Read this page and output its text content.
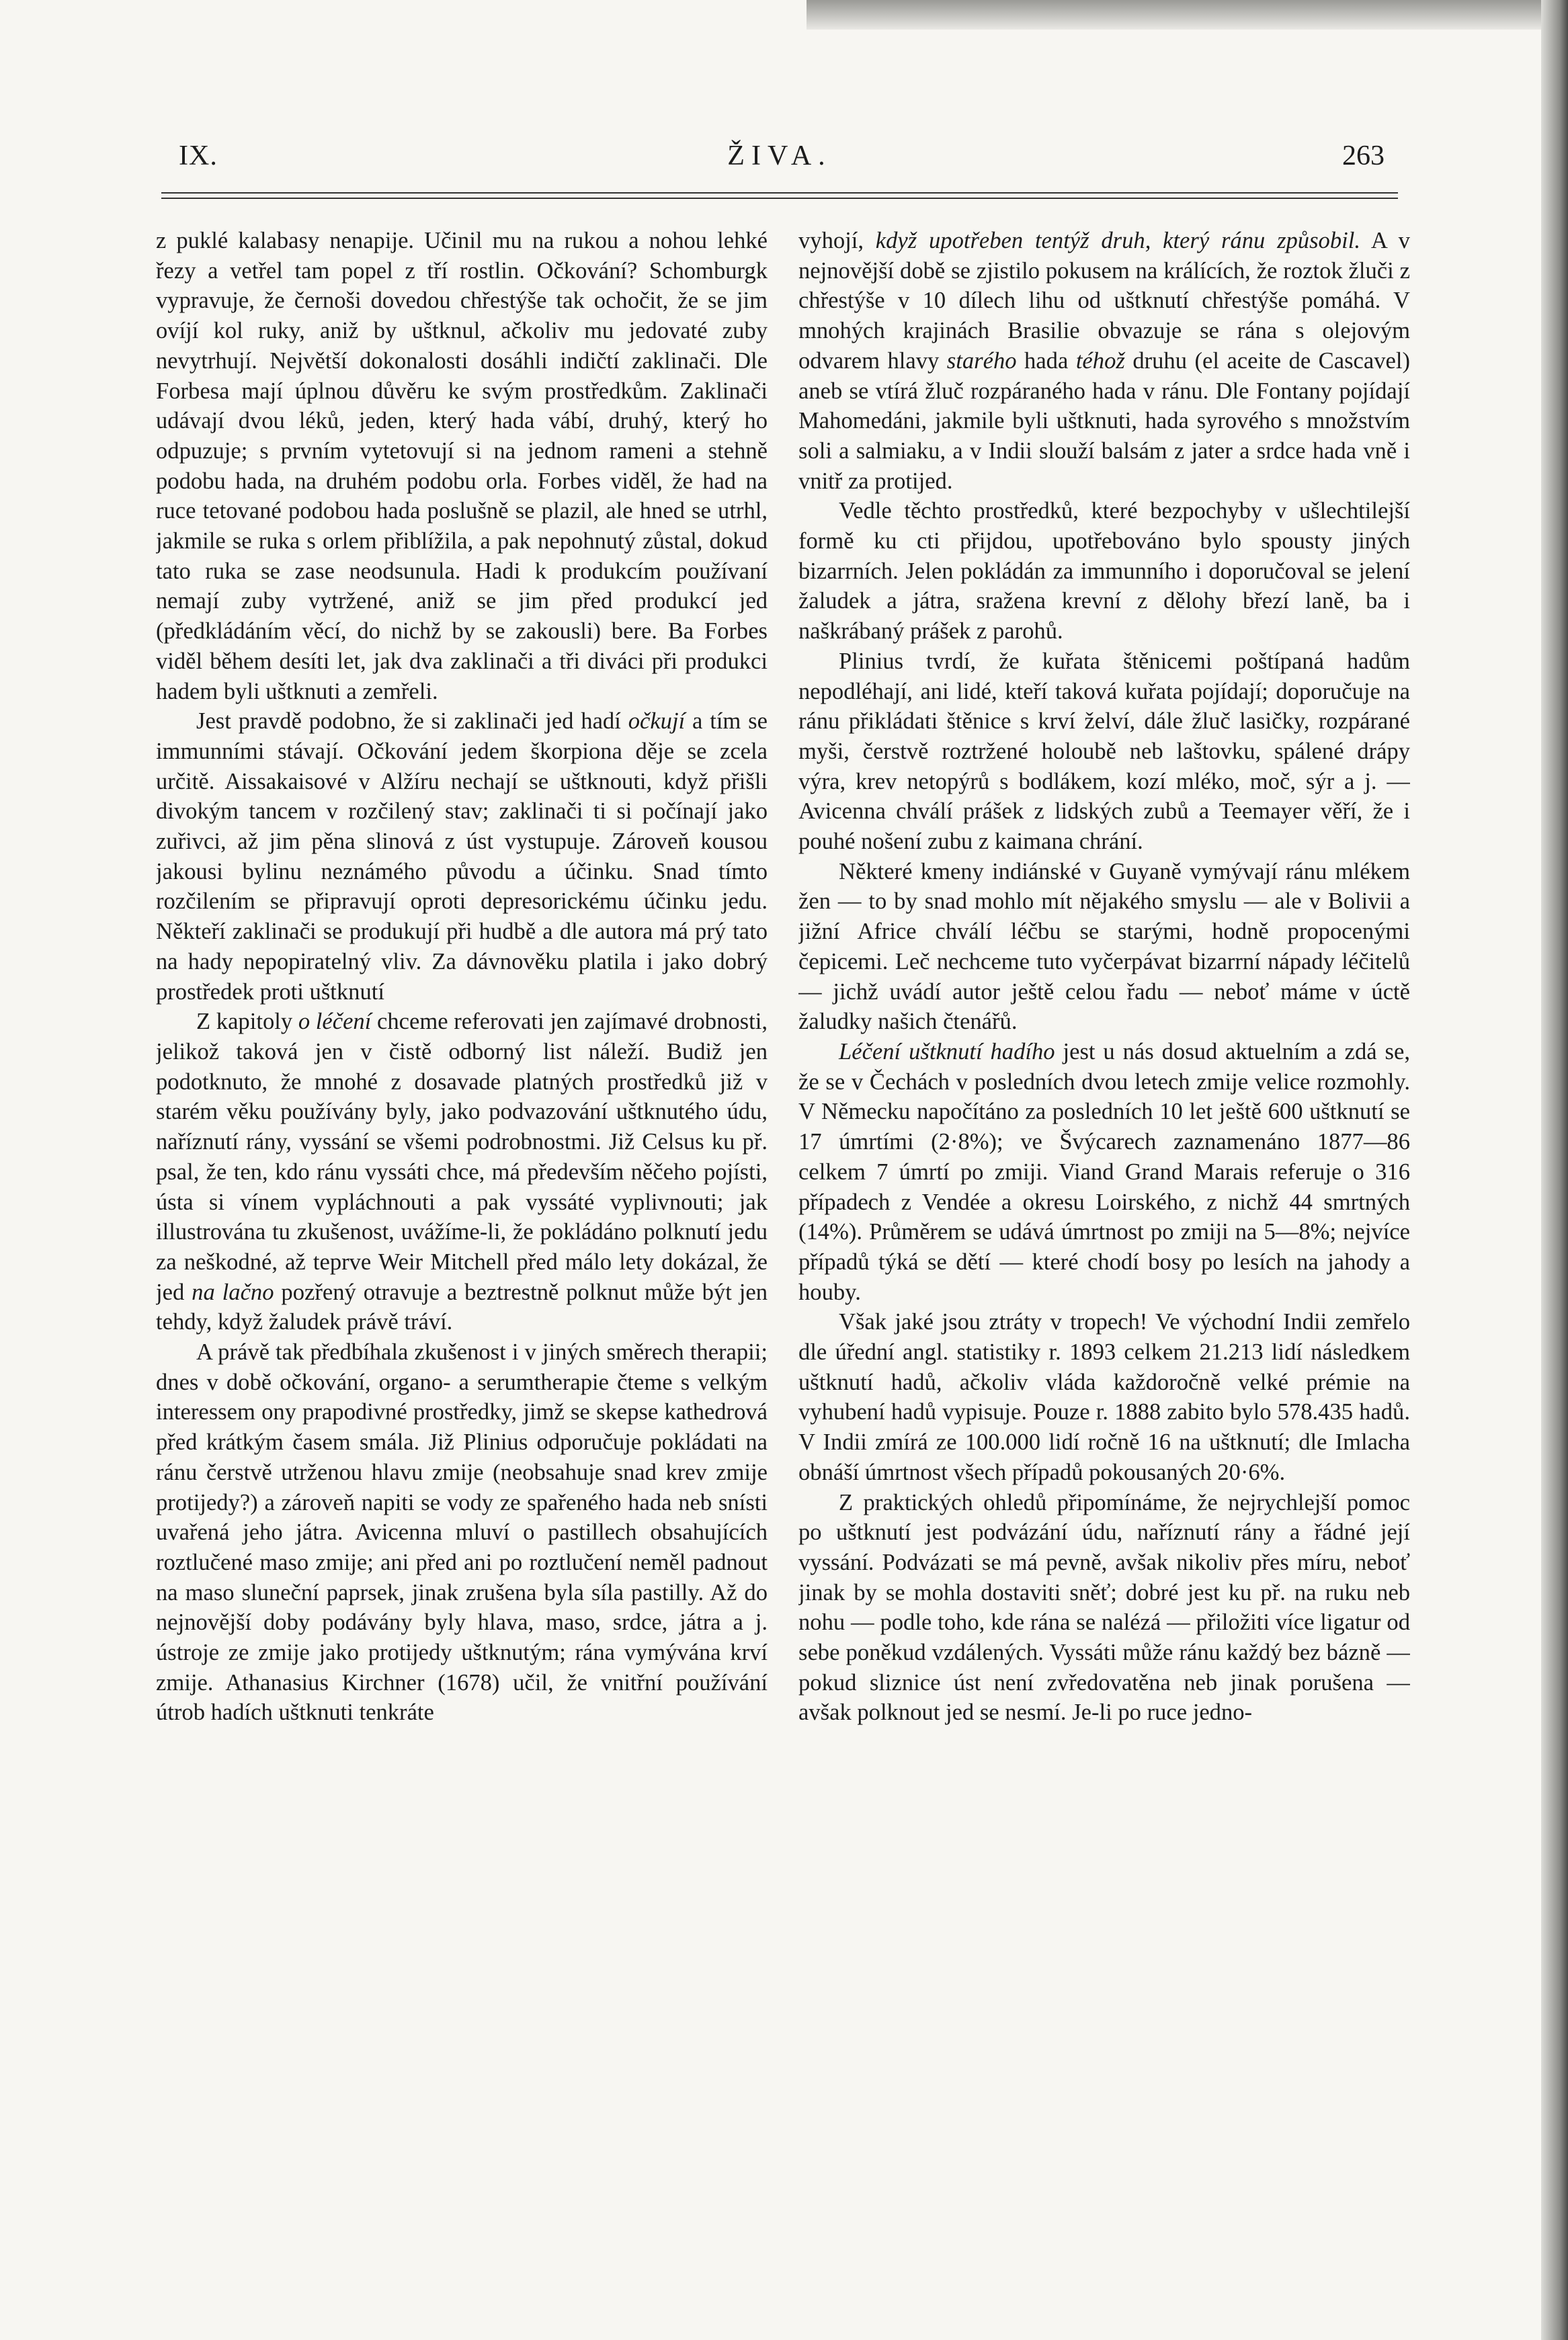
IX.	ŽIVA.	263

z puklé kalabasy nenapije. Učinil mu na rukou a nohou lehké řezy a vetřel tam popel z tří rostlin. Očkování? Schomburgk vypravuje, že černoši dovedou chřestýše tak ochočit, že se jim ovíjí kol ruky, aniž by uštknul, ačkoliv mu jedovaté zuby nevytrhují. Největší dokonalosti dosáhli indičtí zaklinači. Dle Forbesa mají úplnou důvěru ke svým prostředkům. Zaklinači udávají dvou léků, jeden, který hada vábí, druhý, který ho odpuzuje; s prvním vytetovují si na jednom rameni a stehně podobu hada, na druhém podobu orla. Forbes viděl, že had na ruce tetované podobou hada poslušně se plazil, ale hned se utrhl, jakmile se ruka s orlem přiblížila, a pak nepohnutý zůstal, dokud tato ruka se zase neodsunula. Hadi k produkcím používaní nemají zuby vytržené, aniž se jim před produkcí jed (předkládáním věcí, do nichž by se zakousli) bere. Ba Forbes viděl během desíti let, jak dva zaklinači a tři diváci při produkci hadem byli uštknuti a zemřeli.

Jest pravdě podobno, že si zaklinači jed hadí očkují a tím se immunními stávají. Očkování jedem škorpiona děje se zcela určitě. Aissakaisové v Alžíru nechají se uštknouti, když přišli divokým tancem v rozčilený stav; zaklinači ti si počínají jako zuřivci, až jim pěna slinová z úst vystupuje. Zároveň kousou jakousi bylinu neznámého původu a účinku. Snad tímto rozčilením se připravují oproti depresorickému účinku jedu. Někteří zaklinači se produkují při hudbě a dle autora má prý tato na hady nepopiratelný vliv. Za dávnověku platila i jako dobrý prostředek proti uštknutí

Z kapitoly o léčení chceme referovati jen zajímavé drobnosti, jelikož taková jen v čistě odborný list náleží. Budiž jen podotknuto, že mnohé z dosavade platných prostředků již v starém věku používány byly, jako podvazování uštknutého údu, naříznutí rány, vyssání se všemi podrobnostmi. Již Celsus ku př. psal, že ten, kdo ránu vyssáti chce, má především něčeho pojísti, ústa si vínem vypláchnouti a pak vyssáté vyplivnouti; jak illustrována tu zkušenost, uvážíme-li, že pokládáno polknutí jedu za neškodné, až teprve Weir Mitchell před málo lety dokázal, že jed na lačno pozřený otravuje a beztrestně polknut může být jen tehdy, když žaludek právě tráví.

A právě tak předbíhala zkušenost i v jiných směrech therapii; dnes v době očkování, organo- a serumtherapie čteme s velkým interessem ony prapodivné prostředky, jimž se skepse kathedrová před krátkým časem smála. Již Plinius odporučuje pokládati na ránu čerstvě utrženou hlavu zmije (neobsahuje snad krev zmije protijedy?) a zároveň napiti se vody ze spařeného hada neb snísti uvařená jeho játra. Avicenna mluví o pastillech obsahujících roztlučené maso zmije; ani před ani po roztlučení neměl padnout na maso sluneční paprsek, jinak zrušena byla síla pastilly. Až do nejnovější doby podávány byly hlava, maso, srdce, játra a j. ústroje ze zmije jako protijedy uštknutým; rána vymývána krví zmije. Athanasius Kirchner (1678) učil, že vnitřní používání útrob hadích uštknuti tenkráte

vyhojí, když upotřeben tentýž druh, který ránu způsobil. A v nejnovější době se zjistilo pokusem na králících, že roztok žluči z chřestýše v 10 dílech lihu od uštknutí chřestýše pomáhá. V mnohých krajinách Brasilie obvazuje se rána s olejovým odvarem hlavy starého hada téhož druhu (el aceite de Cascavel) aneb se vtírá žluč rozpáraného hada v ránu. Dle Fontany pojídají Mahomedáni, jakmile byli uštknuti, hada syrového s množstvím soli a salmiaku, a v Indii slouží balsám z jater a srdce hada vně i vnitř za protijed.

Vedle těchto prostředků, které bezpochyby v ušlechtilejší formě ku cti přijdou, upotřebováno bylo spousty jiných bizarrních. Jelen pokládán za immunního i doporučoval se jelení žaludek a játra, sražena krevní z dělohy březí laně, ba i naškrábaný prášek z parohů.

Plinius tvrdí, že kuřata štěnicemi poštípaná hadům nepodléhají, ani lidé, kteří taková kuřata pojídají; doporučuje na ránu přikládati štěnice s krví želví, dále žluč lasičky, rozpárané myši, čerstvě roztržené holoubě neb laštovku, spálené drápy výra, krev netopýrů s bodlákem, kozí mléko, moč, sýr a j. — Avicenna chválí prášek z lidských zubů a Teemayer věří, že i pouhé nošení zubu z kaimana chrání.

Některé kmeny indiánské v Guyaně vymývají ránu mlékem žen — to by snad mohlo mít nějakého smyslu — ale v Bolivii a jižní Africe chválí léčbu se starými, hodně propocenými čepicemi. Leč nechceme tuto vyčerpávat bizarrní nápady léčitelů — jichž uvádí autor ještě celou řadu — neboť máme v úctě žaludky našich čtenářů.

Léčení uštknutí hadího jest u nás dosud aktuelním a zdá se, že se v Čechách v posledních dvou letech zmije velice rozmohly. V Německu napočítáno za posledních 10 let ještě 600 uštknutí se 17 úmrtími (2·8%); ve Švýcarech zaznamenáno 1877—86 celkem 7 úmrtí po zmiji. Viand Grand Marais referuje o 316 případech z Vendée a okresu Loirského, z nichž 44 smrtných (14%). Průměrem se udává úmrtnost po zmiji na 5—8%; nejvíce případů týká se dětí — které chodí bosy po lesích na jahody a houby.

Však jaké jsou ztráty v tropech! Ve východní Indii zemřelo dle úřední angl. statistiky r. 1893 celkem 21.213 lidí následkem uštknutí hadů, ačkoliv vláda každoročně velké prémie na vyhubení hadů vypisuje. Pouze r. 1888 zabito bylo 578.435 hadů. V Indii zmírá ze 100.000 lidí ročně 16 na uštknutí; dle Imlacha obnáší úmrtnost všech případů pokousaných 20·6%.

Z praktických ohledů připomínáme, že nejrychlejší pomoc po uštknutí jest podvázání údu, naříznutí rány a řádné její vyssání. Podvázati se má pevně, avšak nikoliv přes míru, neboť jinak by se mohla dostaviti sněť; dobré jest ku př. na ruku neb nohu — podle toho, kde rána se nalézá — přiložiti více ligatur od sebe poněkud vzdálených. Vyssáti může ránu každý bez bázně — pokud sliznice úst není zvředovatěna neb jinak porušena — avšak polknout jed se nesmí. Je-li po ruce jedno-
